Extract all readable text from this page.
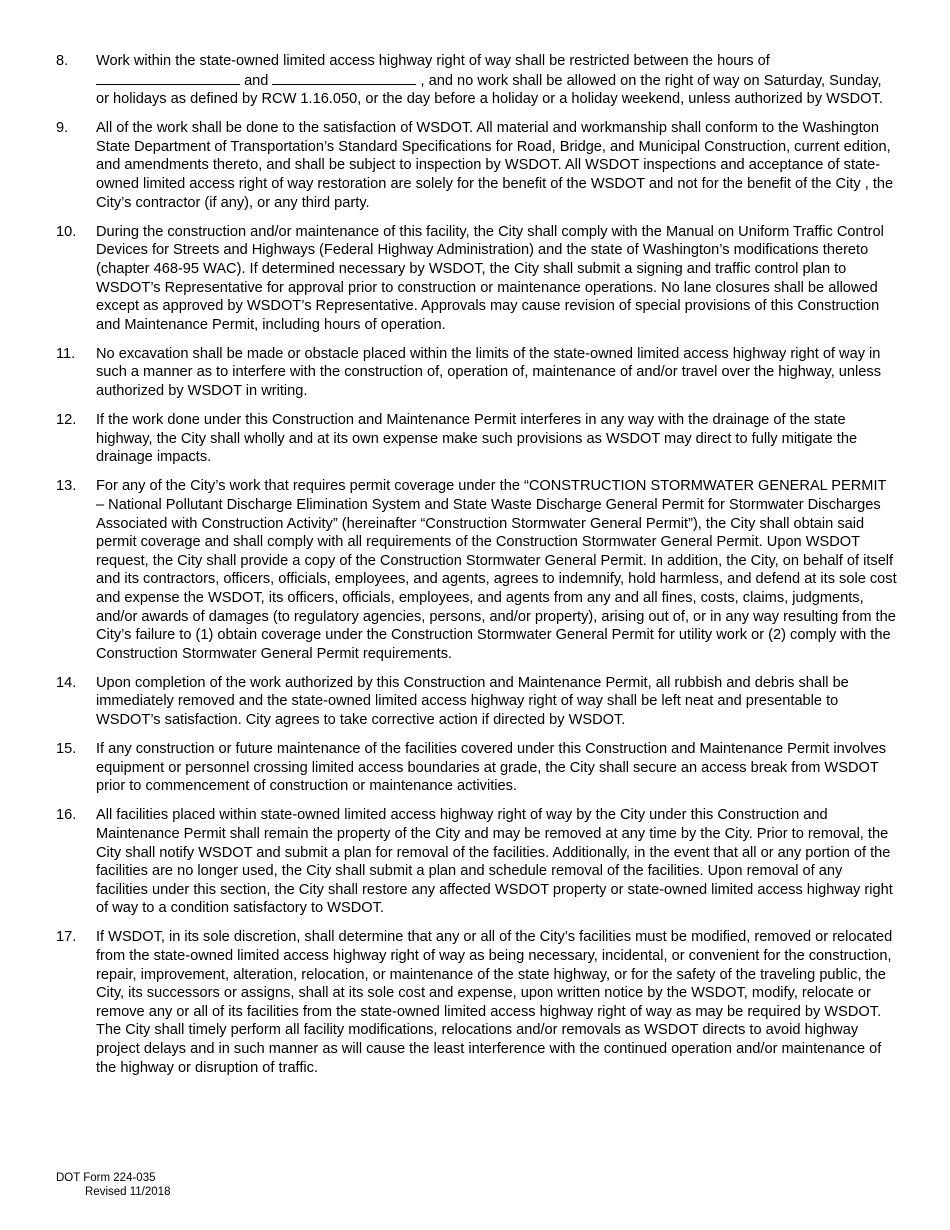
8.	Work within the state-owned limited access highway right of way shall be restricted between the hours of
and	, and no work shall be allowed on the right of way on Saturday, Sunday, or holidays as defined by RCW 1.16.050, or the day before a holiday or a holiday weekend, unless authorized by WSDOT.
9.	All of the work shall be done to the satisfaction of WSDOT. All material and workmanship shall conform to the Washington State Department of Transportation’s Standard Specifications for Road, Bridge, and Municipal Construction, current edition, and amendments thereto, and shall be subject to inspection by WSDOT. All WSDOT inspections and acceptance of state-owned limited access right of way restoration are solely for the benefit of the WSDOT and not for the benefit of the City , the City’s contractor (if any), or any third party.
10.	During the construction and/or maintenance of this facility, the City shall comply with the Manual on Uniform Traffic Control Devices for Streets and Highways (Federal Highway Administration) and the state of Washington’s modifications thereto (chapter 468-95 WAC). If determined necessary by WSDOT, the City shall submit a signing and traffic control plan to WSDOT’s Representative for approval prior to construction or maintenance operations. No lane closures shall be allowed except as approved by WSDOT’s Representative. Approvals may cause revision of special provisions of this Construction and Maintenance Permit, including hours of operation.
11.	No excavation shall be made or obstacle placed within the limits of the state-owned limited access highway right of way in such a manner as to interfere with the construction of, operation of, maintenance of and/or travel over the highway, unless authorized by WSDOT in writing.
12.	If the work done under this Construction and Maintenance Permit interferes in any way with the drainage of the state highway, the City shall wholly and at its own expense make such provisions as WSDOT may direct to fully mitigate the drainage impacts.
13.	For any of the City’s work that requires permit coverage under the “CONSTRUCTION STORMWATER GENERAL PERMIT – National Pollutant Discharge Elimination System and State Waste Discharge General Permit for Stormwater Discharges Associated with Construction Activity” (hereinafter “Construction Stormwater General Permit”), the City shall obtain said permit coverage and shall comply with all requirements of the Construction Stormwater General Permit. Upon WSDOT request, the City shall provide a copy of the Construction Stormwater General Permit. In addition, the City, on behalf of itself and its contractors, officers, officials, employees, and agents, agrees to indemnify, hold harmless, and defend at its sole cost and expense the WSDOT, its officers, officials, employees, and agents from any and all fines, costs, claims, judgments, and/or awards of damages (to regulatory agencies, persons, and/or property), arising out of, or in any way resulting from the City’s failure to (1) obtain coverage under the Construction Stormwater General Permit for utility work or (2) comply with the Construction Stormwater General Permit requirements.
14.	Upon completion of the work authorized by this Construction and Maintenance Permit, all rubbish and debris shall be immediately removed and the state-owned limited access highway right of way shall be left neat and presentable to WSDOT’s satisfaction. City agrees to take corrective action if directed by WSDOT.
15.	If any construction or future maintenance of the facilities covered under this Construction and Maintenance Permit involves equipment or personnel crossing limited access boundaries at grade, the City shall secure an access break from WSDOT prior to commencement of construction or maintenance activities.
16.	All facilities placed within state-owned limited access highway right of way by the City under this Construction and Maintenance Permit shall remain the property of the City and may be removed at any time by the City. Prior to removal, the City shall notify WSDOT and submit a plan for removal of the facilities. Additionally, in the event that all or any portion of the facilities are no longer used, the City shall submit a plan and schedule removal of the facilities. Upon removal of any facilities under this section, the City shall restore any affected WSDOT property or state-owned limited access highway right of way to a condition satisfactory to WSDOT.
17.	If WSDOT, in its sole discretion, shall determine that any or all of the City’s facilities must be modified, removed or relocated from the state-owned limited access highway right of way as being necessary, incidental, or convenient for the construction, repair, improvement, alteration, relocation, or maintenance of the state highway, or for the safety of the traveling public, the City, its successors or assigns, shall at its sole cost and expense, upon written notice by the WSDOT, modify, relocate or remove any or all of its facilities from the state-owned limited access highway right of way as may be required by WSDOT. The City shall timely perform all facility modifications, relocations and/or removals as WSDOT directs to avoid highway project delays and in such manner as will cause the least interference with the continued operation and/or maintenance of the highway or disruption of traffic.
DOT Form 224-035
Revised 11/2018
